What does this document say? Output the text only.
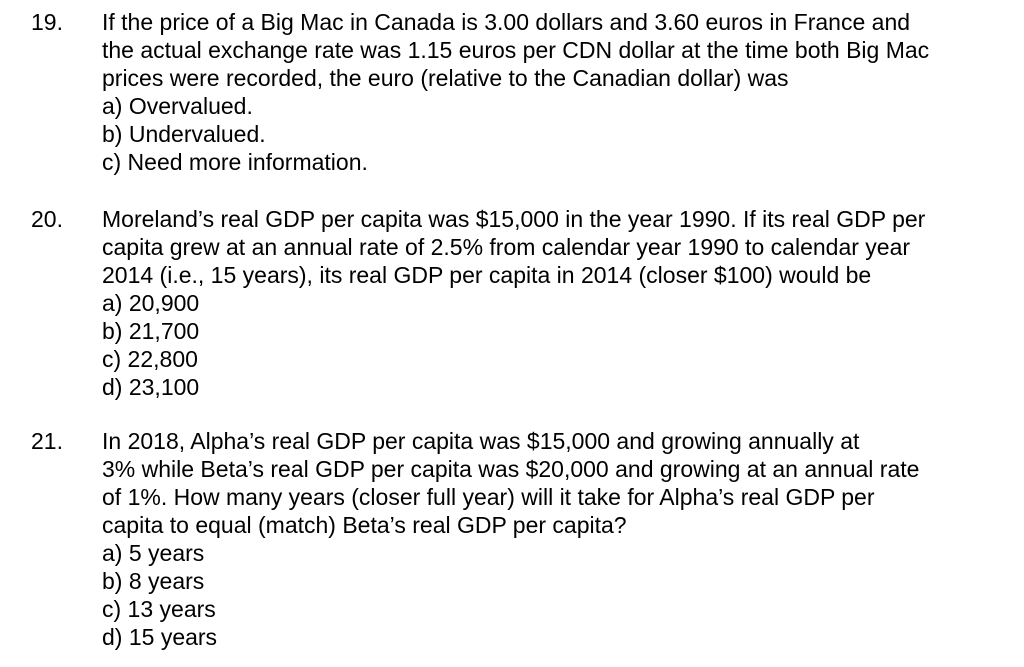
19. If the price of a Big Mac in Canada is 3.00 dollars and 3.60 euros in France and
the actual exchange rate was 1.15 euros per CDN dollar at the time both Big Mac
prices were recorded, the euro (relative to the Canadian dollar) was
a) Overvalued.
b) Undervalued.
c) Need more information.
20. Moreland’s real GDP per capita was $15,000 in the year 1990. If its real GDP per
capita grew at an annual rate of 2.5% from calendar year 1990 to calendar year
2014 (i.e., 15 years), its real GDP per capita in 2014 (closer $100) would be
a) 20,900
b) 21,700
c) 22,800
d) 23,100
21. In 2018, Alpha’s real GDP per capita was $15,000 and growing annually at
3% while Beta’s real GDP per capita was $20,000 and growing at an annual rate
of 1%. How many years (closer full year) will it take for Alpha’s real GDP per
capita to equal (match) Beta’s real GDP per capita?
a) 5 years
b) 8 years
c) 13 years
d) 15 years
